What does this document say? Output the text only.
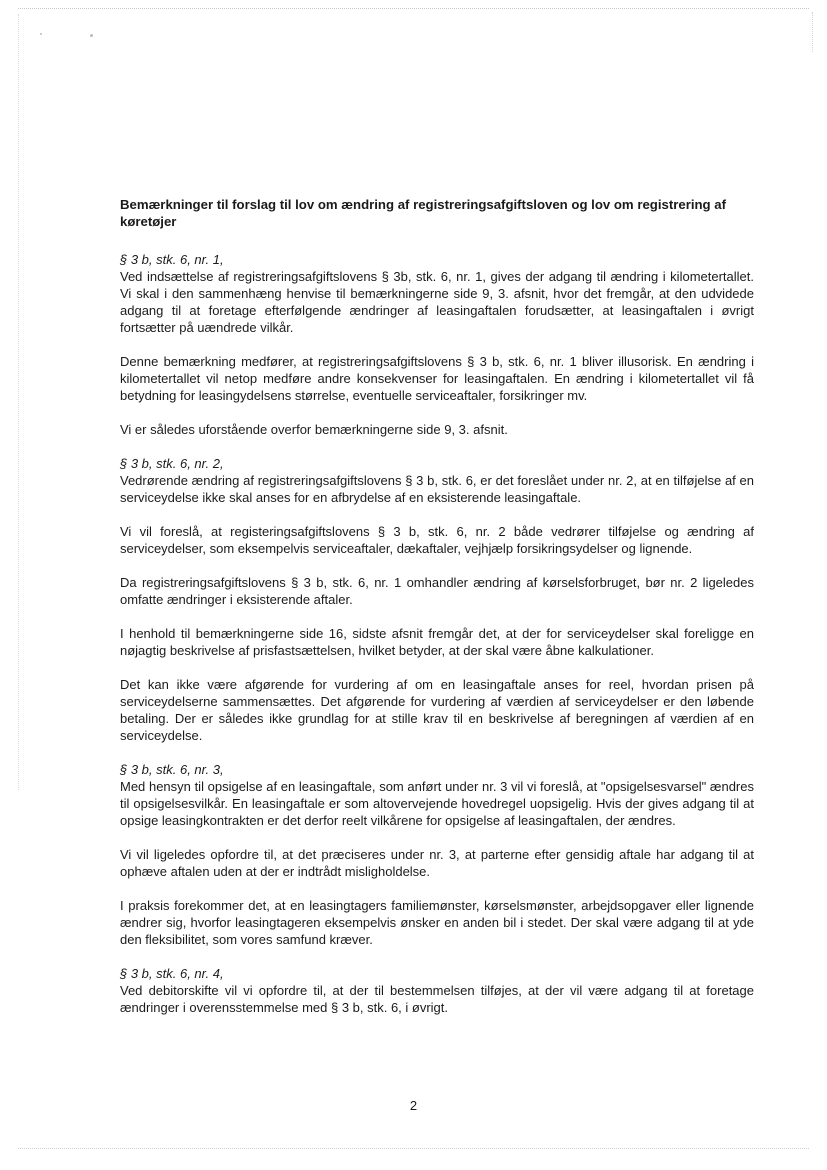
Bemærkninger til forslag til lov om ændring af registreringsafgiftsloven og lov om registrering af køretøjer
§ 3 b, stk. 6, nr. 1,

Ved indsættelse af registreringsafgiftslovens § 3b, stk. 6, nr. 1, gives der adgang til ændring i kilometertallet. Vi skal i den sammenhæng henvise til bemærkningerne side 9, 3. afsnit, hvor det fremgår, at den udvidede adgang til at foretage efterfølgende ændringer af leasingaftalen forudsætter, at leasingaftalen i øvrigt fortsætter på uændrede vilkår.

Denne bemærkning medfører, at registreringsafgiftslovens § 3 b, stk. 6, nr. 1 bliver illusorisk. En ændring i kilometertallet vil netop medføre andre konsekvenser for leasingaftalen. En ændring i kilometertallet vil få betydning for leasingydelsens størrelse, eventuelle serviceaftaler, forsikringer mv.

Vi er således uforstående overfor bemærkningerne side 9, 3. afsnit.

§ 3 b, stk. 6, nr. 2,

Vedrørende ændring af registreringsafgiftslovens § 3 b, stk. 6, er det foreslået under nr. 2, at en tilføjelse af en serviceydelse ikke skal anses for en afbrydelse af en eksisterende leasingaftale.

Vi vil foreslå, at registeringsafgiftslovens § 3 b, stk. 6, nr. 2 både vedrører tilføjelse og ændring af serviceydelser, som eksempelvis serviceaftaler, dækaftaler, vejhjælp forsikringsydelser og lignende.

Da registreringsafgiftslovens § 3 b, stk. 6, nr. 1 omhandler ændring af kørselsforbruget, bør nr. 2 ligeledes omfatte ændringer i eksisterende aftaler.

I henhold til bemærkningerne side 16, sidste afsnit fremgår det, at der for serviceydelser skal foreligge en nøjagtig beskrivelse af prisfastsættelsen, hvilket betyder, at der skal være åbne kalkulationer.

Det kan ikke være afgørende for vurdering af om en leasingaftale anses for reel, hvordan prisen på serviceydelserne sammensættes. Det afgørende for vurdering af værdien af serviceydelser er den løbende betaling. Der er således ikke grundlag for at stille krav til en beskrivelse af beregningen af værdien af en serviceydelse.

§ 3 b, stk. 6, nr. 3,

Med hensyn til opsigelse af en leasingaftale, som anført under nr. 3 vil vi foreslå, at "opsigelsesvarsel" ændres til opsigelsesvilkår. En leasingaftale er som altovervejende hovedregel uopsigelig. Hvis der gives adgang til at opsige leasingkontrakten er det derfor reelt vilkårene for opsigelse af leasingaftalen, der ændres.

Vi vil ligeledes opfordre til, at det præciseres under nr. 3, at parterne efter gensidig aftale har adgang til at ophæve aftalen uden at der er indtrådt misligholdelse.

I praksis forekommer det, at en leasingtagers familiemønster, kørselsmønster, arbejdsopgaver eller lignende ændrer sig, hvorfor leasingtageren eksempelvis ønsker en anden bil i stedet. Der skal være adgang til at yde den fleksibilitet, som vores samfund kræver.

§ 3 b, stk. 6, nr. 4,

Ved debitorskifte vil vi opfordre til, at der til bestemmelsen tilføjes, at der vil være adgang til at foretage ændringer i overensstemmelse med § 3 b, stk. 6, i øvrigt.

2
